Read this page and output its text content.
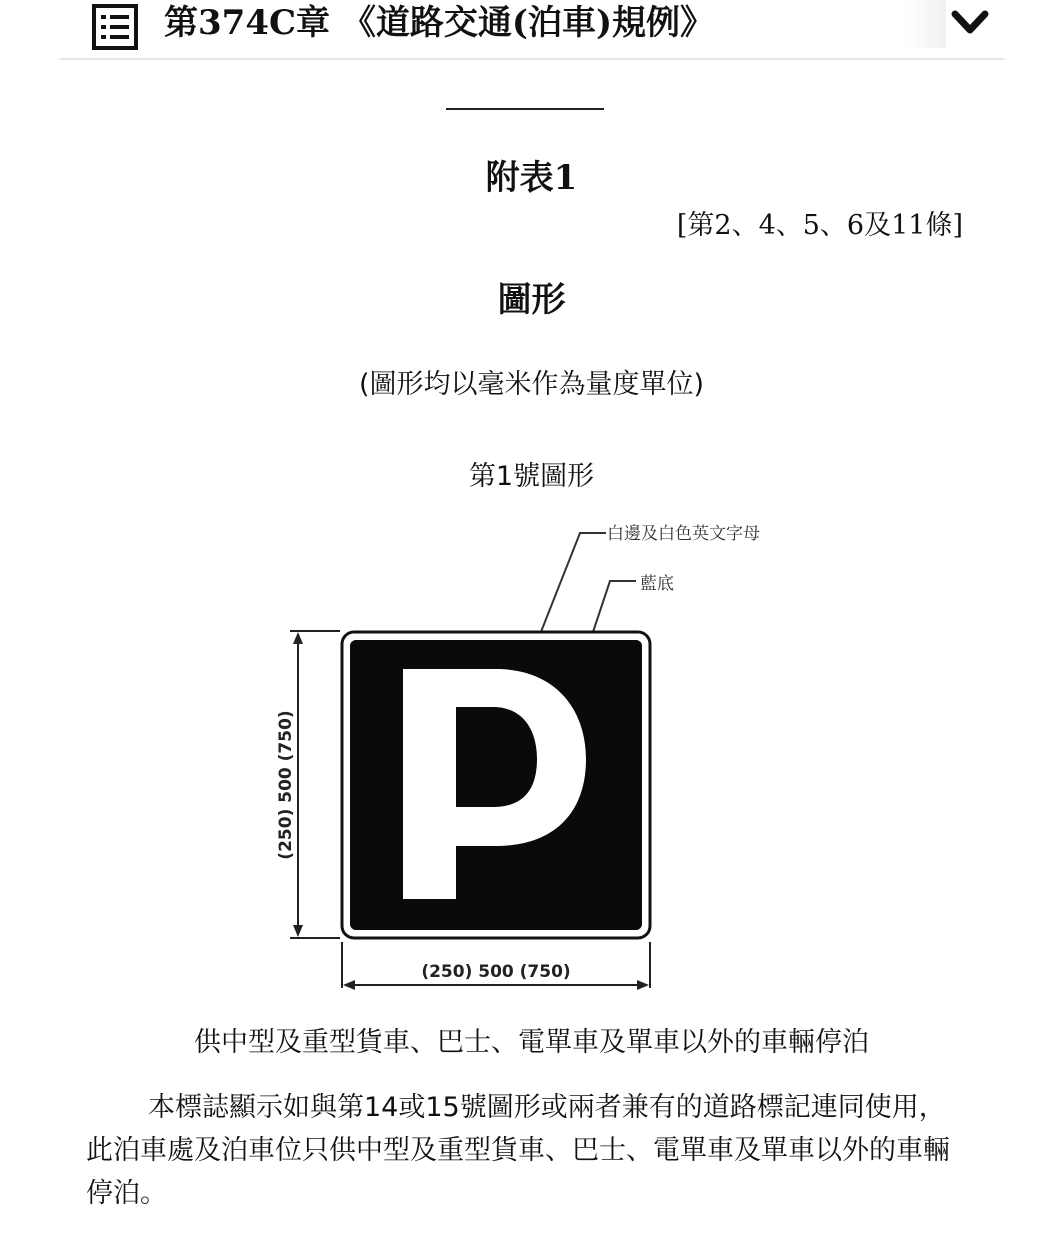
第374C章 《道路交通(泊車)規例》
附表1
[第2、4、5、6及11條]
圖形
(圖形均以毫米作為量度單位)
第1號圖形
白邊及白色英文字母
藍底
(250) 500 (750)
(250) 500 (750)
供中型及重型貨車、巴士、電單車及單車以外的車輛停泊

本標誌顯示如與第14或15號圖形或兩者兼有的道路標記連同使用，此泊車處及泊車位只供中型及重型貨車、巴士、電單車及單車以外的車輛停泊。
